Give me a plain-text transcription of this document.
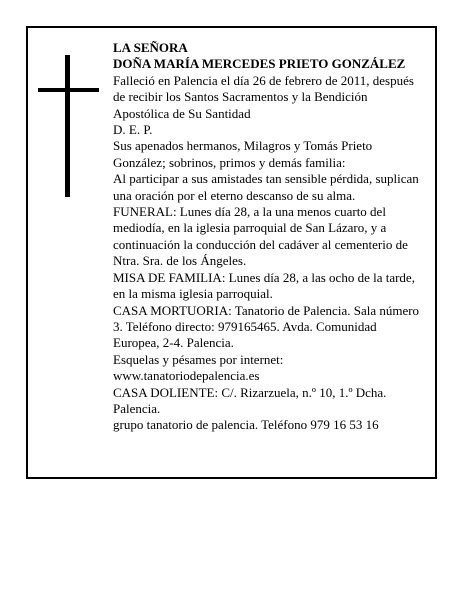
LA SEÑORA

DOÑA MARÍA MERCEDES PRIETO GONZÁLEZ

Falleció en Palencia el día 26 de febrero de 2011, después de recibir los Santos Sacramentos y la Bendición Apostólica de Su Santidad

D. E. P.

Sus apenados hermanos, Milagros y Tomás Prieto González; sobrinos, primos y demás familia:

Al participar a sus amistades tan sensible pérdida, suplican una oración por el eterno descanso de su alma.

FUNERAL: Lunes día 28, a la una menos cuarto del mediodía, en la iglesia parroquial de San Lázaro, y a continuación la conducción del cadáver al cementerio de Ntra. Sra. de los Ángeles.

MISA DE FAMILIA: Lunes día 28, a las ocho de la tarde, en la misma iglesia parroquial.

CASA MORTUORIA: Tanatorio de Palencia. Sala número 3. Teléfono directo: 979165465. Avda. Comunidad Europea, 2-4. Palencia.

Esquelas y pésames por internet: www.tanatoriodepalencia.es

CASA DOLIENTE: C/. Rizarzuela, n.º 10, 1.º Dcha. Palencia.

grupo tanatorio de palencia. Teléfono 979 16 53 16
